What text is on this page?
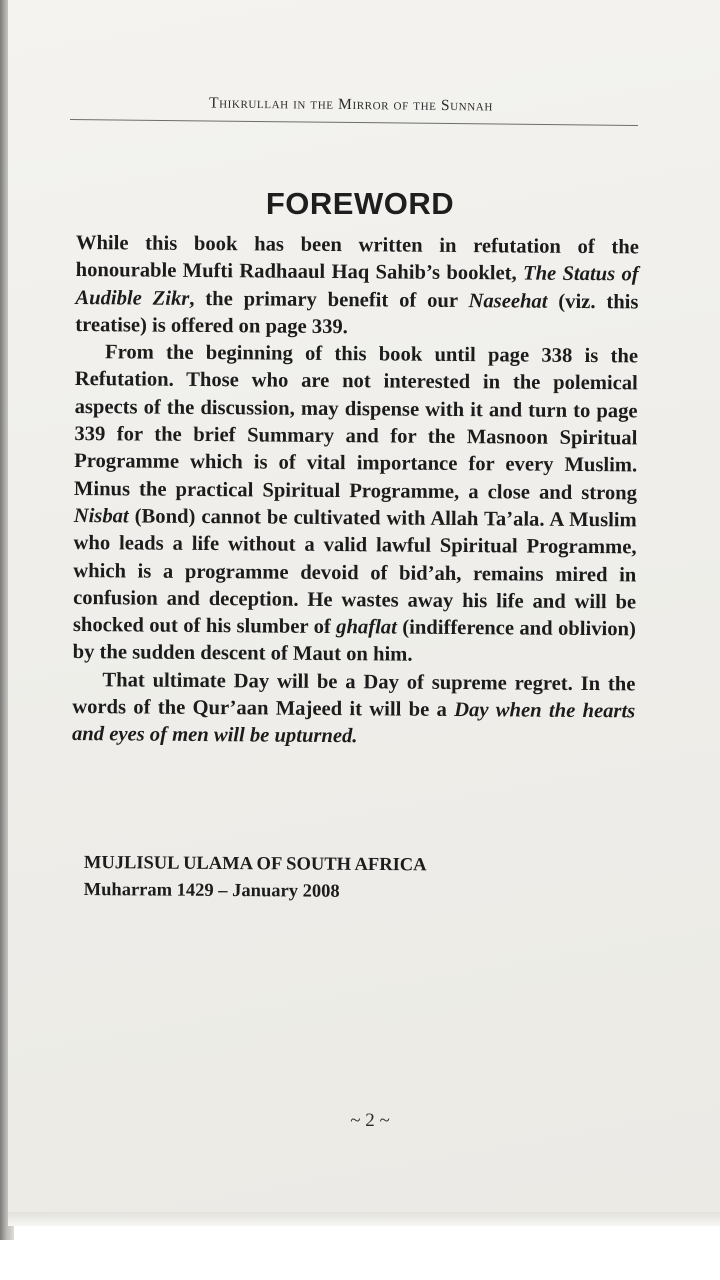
Thikrullah in the Mirror of the Sunnah
FOREWORD

While this book has been written in refutation of the honourable Mufti Radhaaul Haq Sahib’s booklet, The Status of Audible Zikr, the primary benefit of our Naseehat (viz. this treatise) is offered on page 339.

From the beginning of this book until page 338 is the Refutation. Those who are not interested in the polemical aspects of the discussion, may dispense with it and turn to page 339 for the brief Summary and for the Masnoon Spiritual Programme which is of vital importance for every Muslim. Minus the practical Spiritual Programme, a close and strong Nisbat (Bond) cannot be cultivated with Allah Ta’ala. A Muslim who leads a life without a valid lawful Spiritual Programme, which is a programme devoid of bid’ah, remains mired in confusion and deception. He wastes away his life and will be shocked out of his slumber of ghaflat (indifference and oblivion) by the sudden descent of Maut on him.

That ultimate Day will be a Day of supreme regret. In the words of the Qur’aan Majeed it will be a Day when the hearts and eyes of men will be upturned.

MUJLISUL ULAMA OF SOUTH AFRICA
Muharram 1429 – January 2008
~ 2 ~
